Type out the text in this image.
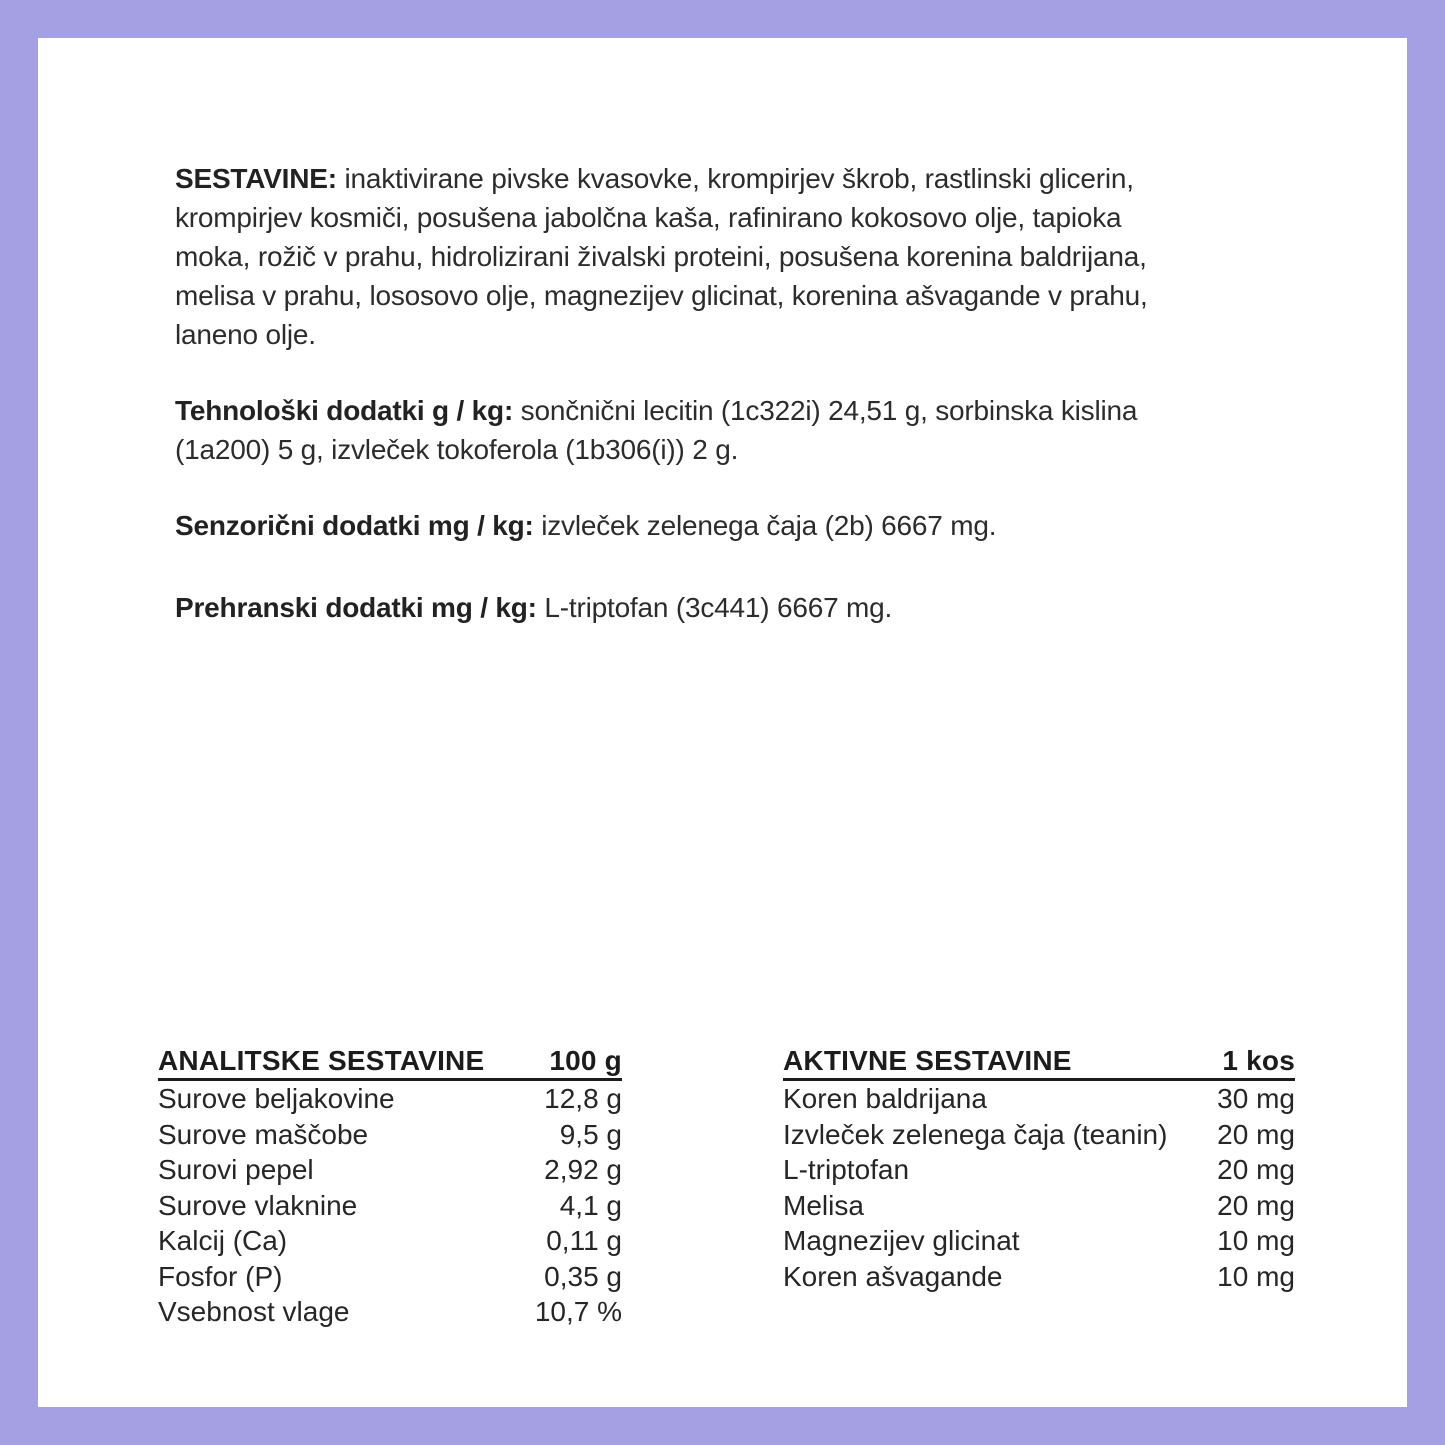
SESTAVINE: inaktivirane pivske kvasovke, krompirjev škrob, rastlinski glicerin,
krompirjev kosmiči, posušena jabolčna kaša, rafinirano kokosovo olje, tapioka
moka, rožič v prahu, hidrolizirani živalski proteini, posušena korenina baldrijana,
melisa v prahu, lososovo olje, magnezijev glicinat, korenina ašvagande v prahu,
laneno olje.
Tehnološki dodatki g / kg: sončnični lecitin (1c322i) 24,51 g, sorbinska kislina
(1a200) 5 g, izvleček tokoferola (1b306(i)) 2 g.
Senzorični dodatki mg / kg: izvleček zelenega čaja (2b) 6667 mg.
Prehranski dodatki mg / kg: L-triptofan (3c441) 6667 mg.
ANALITSKE SESTAVINE 100 g
Surove beljakovine	12,8 g
Surove maščobe	9,5 g
Surovi pepel	2,92 g
Surove vlaknine	4,1 g
Kalcij (Ca)	0,11 g
Fosfor (P)	0,35 g
Vsebnost vlage	10,7 %
AKTIVNE SESTAVINE	1 kos
Koren baldrijana	30 mg
Izvleček zelenega čaja (teanin) 20 mg
L-triptofan	20 mg
Melisa	20 mg
Magnezijev glicinat	10 mg
Koren ašvagande	10 mg
